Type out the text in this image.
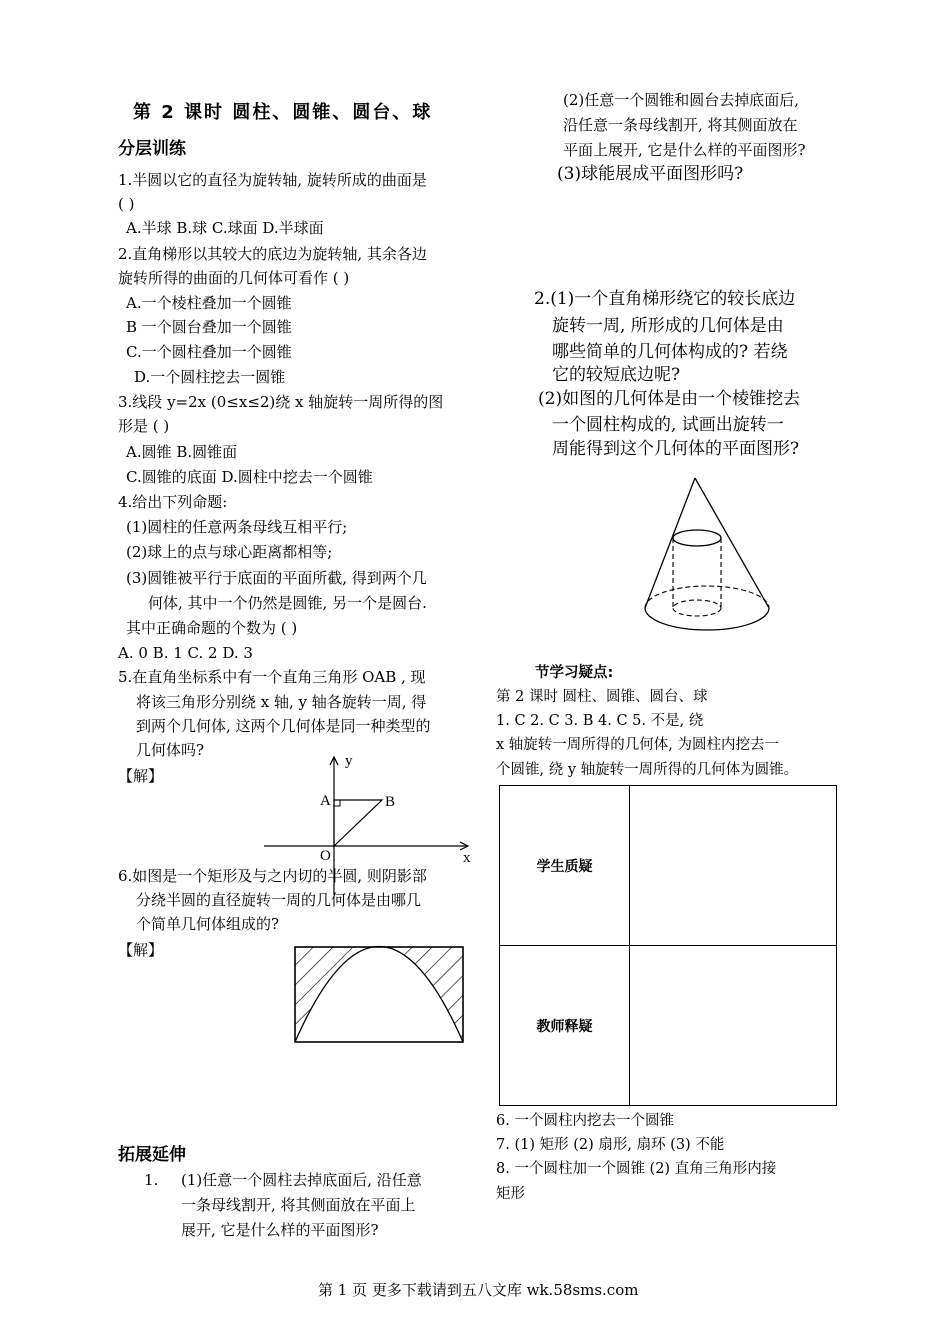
第 2 课时 圆柱、圆锥、圆台、球
分层训练
1.半圆以它的直径为旋转轴, 旋转所成的曲面是
( )
A.半球 B.球 C.球面 D.半球面
2.直角梯形以其较大的底边为旋转轴, 其余各边
旋转所得的曲面的几何体可看作 ( )
A.一个棱柱叠加一个圆锥
B 一个圆台叠加一个圆锥
C.一个圆柱叠加一个圆锥
D.一个圆柱挖去一圆锥
3.线段 y=2x (0≤x≤2)绕 x 轴旋转一周所得的图
形是 ( )
A.圆锥 B.圆锥面
C.圆锥的底面 D.圆柱中挖去一个圆锥
4.给出下列命题:
(1)圆柱的任意两条母线互相平行;
(2)球上的点与球心距离都相等;
(3)圆锥被平行于底面的平面所截, 得到两个几
何体, 其中一个仍然是圆锥, 另一个是圆台.
其中正确命题的个数为 ( )
A. 0 B. 1 C. 2 D. 3
5.在直角坐标系中有一个直角三角形 OAB , 现
将该三角形分别绕 x 轴, y 轴各旋转一周, 得
到两个几何体, 这两个几何体是同一种类型的
几何体吗?
【解】
y
x
A	B
O
6.如图是一个矩形及与之内切的半圆, 则阴影部
分绕半圆的直径旋转一周的几何体是由哪几
个简单几何体组成的?
【解】
拓展延伸
1. (1)任意一个圆柱去掉底面后, 沿任意
一条母线割开, 将其侧面放在平面上
展开, 它是什么样的平面图形?
(2)任意一个圆锥和圆台去掉底面后,
沿任意一条母线割开, 将其侧面放在
平面上展开, 它是什么样的平面图形?
(3)球能展成平面图形吗?
2.(1)一个直角梯形绕它的较长底边
旋转一周, 所形成的几何体是由
哪些简单的几何体构成的? 若绕
它的较短底边呢?
(2)如图的几何体是由一个棱锥挖去
一个圆柱构成的, 试画出旋转一
周能得到这个几何体的平面图形?
节学习疑点:
第 2 课时 圆柱、圆锥、圆台、球
1. C 2. C 3. B 4. C 5. 不是, 绕
x 轴旋转一周所得的几何体, 为圆柱内挖去一
个圆锥, 绕 y 轴旋转一周所得的几何体为圆锥。
学生质疑	
教师释疑	
6. 一个圆柱内挖去一个圆锥
7. (1) 矩形 (2) 扇形, 扇环 (3) 不能
8. 一个圆柱加一个圆锥 (2) 直角三角形内接
矩形
第 1 页 更多下载请到五八文库 wk.58sms.com
